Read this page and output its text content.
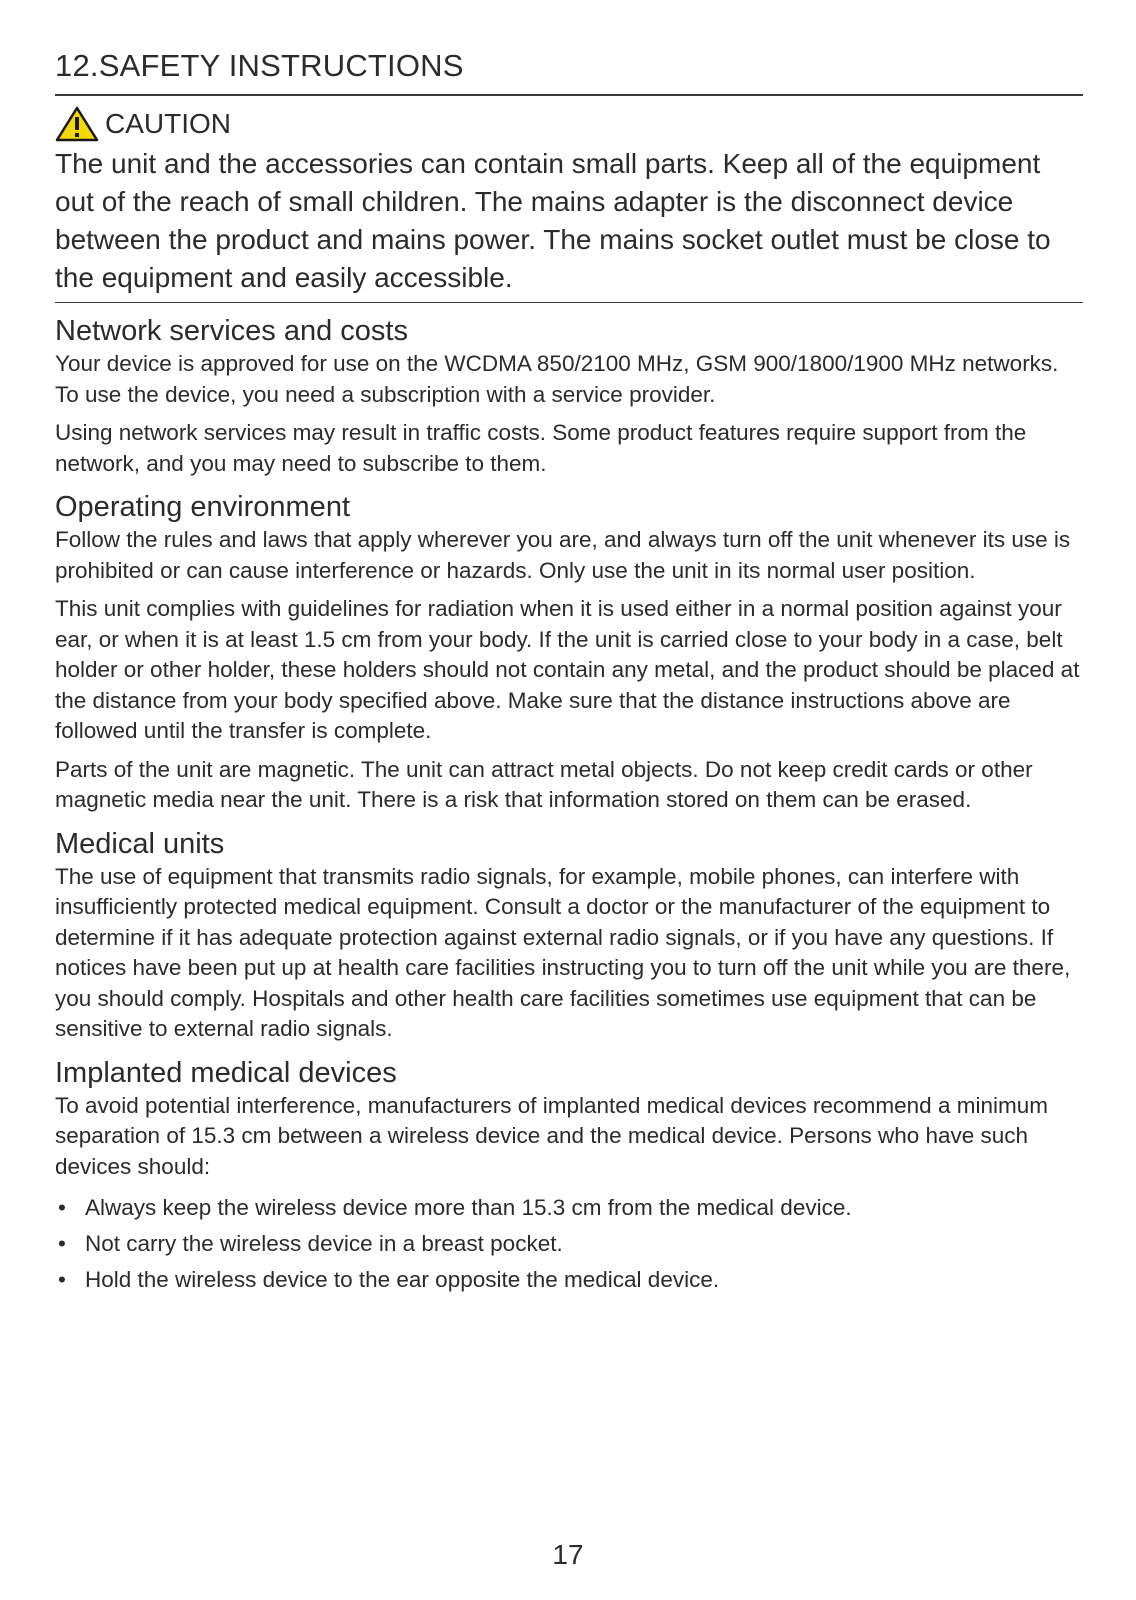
12.SAFETY INSTRUCTIONS
CAUTION

The unit and the accessories can contain small parts. Keep all of the equipment out of the reach of small children. The mains adapter is the disconnect device between the product and mains power. The mains socket outlet must be close to the equipment and easily accessible.

Network services and costs

Your device is approved for use on the WCDMA 850/2100 MHz, GSM 900/1800/1900 MHz networks. To use the device, you need a subscription with a service provider.

Using network services may result in traffic costs. Some product features require support from the network, and you may need to subscribe to them.

Operating environment

Follow the rules and laws that apply wherever you are, and always turn off the unit whenever its use is prohibited or can cause interference or hazards. Only use the unit in its normal user position.

This unit complies with guidelines for radiation when it is used either in a normal position against your ear, or when it is at least 1.5 cm from your body. If the unit is carried close to your body in a case, belt holder or other holder, these holders should not contain any metal, and the product should be placed at the distance from your body specified above. Make sure that the distance instructions above are followed until the transfer is complete.

Parts of the unit are magnetic. The unit can attract metal objects. Do not keep credit cards or other magnetic media near the unit. There is a risk that information stored on them can be erased.

Medical units

The use of equipment that transmits radio signals, for example, mobile phones, can interfere with insufficiently protected medical equipment. Consult a doctor or the manufacturer of the equipment to determine if it has adequate protection against external radio signals, or if you have any questions. If notices have been put up at health care facilities instructing you to turn off the unit while you are there, you should comply. Hospitals and other health care facilities sometimes use equipment that can be sensitive to external radio signals.

Implanted medical devices

To avoid potential interference, manufacturers of implanted medical devices recommend a minimum separation of 15.3 cm between a wireless device and the medical device. Persons who have such devices should:

• Always keep the wireless device more than 15.3 cm from the medical device.
• Not carry the wireless device in a breast pocket.
• Hold the wireless device to the ear opposite the medical device.
17
